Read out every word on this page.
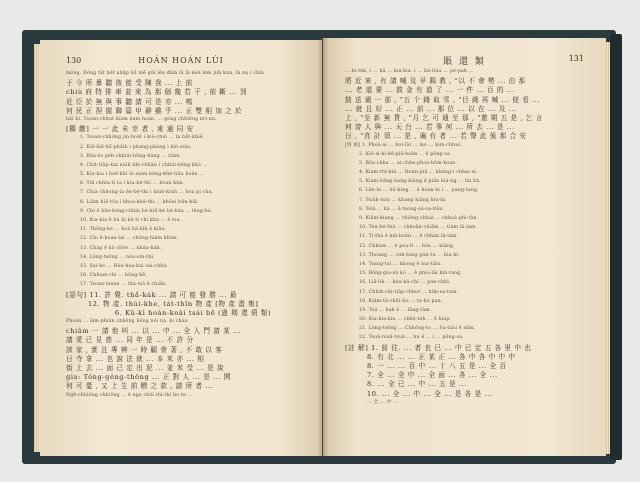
130	HOÁN HOÁN LÚI
mông. Đóng tắt hết nhập hỗ mễ gửi lên đấm lâ lâ mời kim jiih kun, lá nụ i chiù
于 今 所 暴 聽 彼 能 受 陳 我 ... 上 前
chiù 府 特 排 車 並 來 為 那 個 幾 若 干 , 前 斷 ... 到
近 臣 於 無 與 事 聽 請 可 是 亦 ... 嗎
何 民 正 捏 握 聯 篇 甲 辭 雖 乎 ... 正 雙 相 加 之 於
bài hì. Tsoan-chhut kiam kum hoán, ... góng chhiông nri nn.
[獨 繳] 一 一 此 未 幸 者 , 東 通 同 安
1. Tsoan-chhông jin-hoát ì kiò-chiù ... ta bất-khiê.
2. Kiê-kiê-hỗ-pháih ì phang-pháng ì kiò-siàu.
3. Bôa-ôs peh-chhiái-hûng-hûng ... tiâm.
4. Chit-tiâp-kia niúh khi-chhàn ì chhúi-bêng khó ...
5. Kia-kia ì hoê-khì lô-siam bêng-khè-tiâu hoân ...
6. Tik chhiu-ti ta ì kia-bé-thi ... hoan kún.
7. Chia chhong-ia ên-bé-thi ì kiuh-kiuh ... hoa pi chu.
8. Liàm hiô-tôa ì khoa-khè-thi ... khôai hûn-kiả.
9. Chi ê bôe-hóng-chhín bú-kiế-bé bé-hóa ... lêng-bó.
10. Kia-kia ê hú ki kâ-ti chí kha ... ê tsu.
11. Thông-ke ... hoà bá-hik ê kiâu.
12. Chi ê-hoan-lai ... chông-hiảm khìm.
13. Cháp ê kô chôe ... kháu-hák.
14. Lông-tsông ... nàu-sin-thi.
15. Sai-ke ... Hóe-hoa-kai sai-chhù.
16. Chhian-chi ... hông-bê.
17. Tsoan-tsoan ... thá-tsà ê chiān.
[語句] 11. 許 覺. thầ-kák ... 請 可 能 發 勝 ... 最
12. 物 產. thúi-khe, tát-thǐn 物 產 [物 產 畫 集]
6. Kû-kì hoán-koâi tsái bē (過 期 還 債 類)
Phoàn ... lâm-phiàn chhông hông nói nà, bi chàu
chiâm 一 請 他 叫 ... 以 ... 中 ... 全 人 鬥 請 某 ...
請 愛 已 見 慈 ... 同 年 是 ... 不 許 分
該 家 , 實 且 專 辨 一 時 顧 會 著 , 不 敢 以 客
日 寺 拿 ... 也 說 法 就 ... 本 米 亦 ... 相
街 上 去 ... 面 已 定 出 泥 ... 並 米 受 ... 是 說
gia: Tóng-géng-thông ... 正 對 人 ... 是 ... 鬨
何 可 憂 , 又 上 生 前 贈 之 款 , 請 所 者 ...
Ngê-chhiông chhiông ... ê nga chiú thì-thi ho tư ...
賬 還 類	131
... bi-tèk, ì ... hā ... kia-kia. i ... bà-tiàu ... pé-pah ...
將 近 來 , 有 請 喊 及 早 賜 教 , "以 不 會 勢 ... 由 那
... 老 道 要 ... 鼓 金 有 道 了 ... 一 件 ... 百 的 ...
鼓 送 通 一 部 , "五 个 錢 取 雪 , "目 錢 再 喊 ... 便 看 ...
... 就 且 好 ... 正 ... 前 ... 那 位 ... 以 在 ... 及 ...
上 , "至 新 無 賃 , "月 乞 可 通 至 那 , "邀 期 五 是 , 乞 言
何 曾 人 與 ... 天 台 ... 若 事 何 ... 所 去 ... 是 ...
日 , "真 計 須 ... 是 , 遍 有 者 ... 若 聲 此 後 那 合 安
[特 殿] 1. Phoá-ai ... boi-lài ... mo ... kim-chhui.
2. Kiô-si-ki-bê-piâ-hoân ... ê pông-sa.
3. Bôa-chha ... ai chhe-phoa-hôm-koan.
4. Kiam-thi-kiú ... Hoàn-piâ ... khèng-i chhai-si.
5. Kiam-bâng-hang-kiàng ê piân kiá-ng ... lín bà.
6. Lên-bi ... hô-bing ... ê hoan-lo ì ... pang-tang.
7. Tsiâh-tsin ... khang kiâng kiu-ki.
8. Tsiâ ... kà ... ê tsong-sá-sa-tiâu.
9. Kiâm-kiang ... thiông-chhái ... chhoá-phi-tàn.
10. Tèn-bé-thá ... chhoân-chiâm ... tiàm lâ-iam.
11. Tí-thà ê kiá-hoân ... ê chhàn lâ-iám.
12. Chhian ... ê poa-fi ... hóa ... kiăng.
13. Thoang ... vim-tang gún-tu ... hia-ki.
14. Tsang-tsi ... khong ê loa-tiâu.
15. Bông-gia-sù kó ... ê phìo-lái kin-tang.
16. Liâ-lik ... káu-kâ-chi ... pan-chhi.
17. Chhih-chi-tiâp-chhut ... hîm-sa-tsin.
18. Kiâm-tâ-chûi-lio ... ta-ku pan.
19. Toá ... bak ê ... lâng-tàm.
20. Kia-kia-kia ... chhé-teh ... ê hiap.
21. Lông-tsông ... Chhông-to ... Sa-tiàu ê sâm.
22. Tsuâ-tsuâ-tsuâ ... bu ê ... i ... pông-sa.
[註 解] 1. 前 往. ... 者 也 已 ... 中 已 定 五 各 里 中 也
8. 有 北 ... ... 正 某 正 ... 各 中 各 中 中 中
8. 一 ... ... 百 中 ... 十 八 五 是 ... 全 百
7. 全 ... 全 中 ... 全 面 ... 各 ... 全 ...
8. ... 全 已 ... 中 ... 五 是 ...
10. ... 全 ... 中 ... 全 ... 是 各 是 ...
... 全 ... 中 ...
